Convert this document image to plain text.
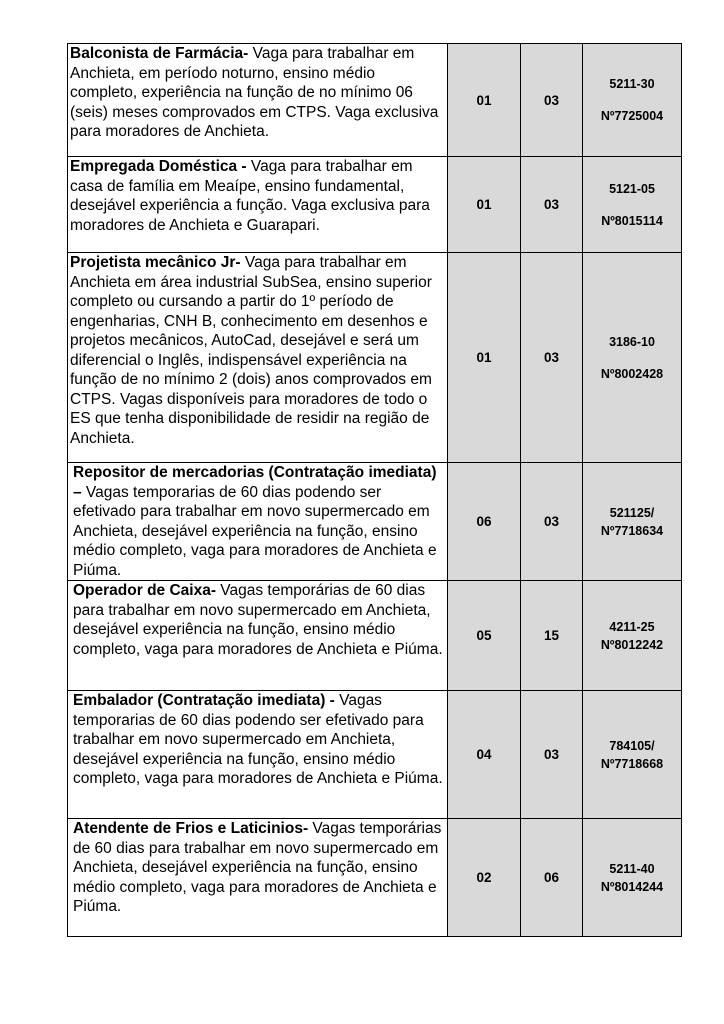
Balconista de Farmácia- Vaga para trabalhar em Anchieta, em período noturno, ensino médio completo, experiência na função de no mínimo 06 (seis) meses comprovados em CTPS. Vaga exclusiva para moradores de Anchieta.	01	03	5211-30
Nº7725004

Empregada Doméstica - Vaga para trabalhar em casa de família em Meaípe, ensino fundamental, desejável experiência a função. Vaga exclusiva para moradores de Anchieta e Guarapari.	01	03	5121-05
Nº8015114

Projetista mecânico Jr- Vaga para trabalhar em Anchieta em área industrial SubSea, ensino superior completo ou cursando a partir do 1º período de engenharias, CNH B, conhecimento em desenhos e projetos mecânicos, AutoCad, desejável e será um diferencial o Inglês, indispensável experiência na função de no mínimo 2 (dois) anos comprovados em CTPS. Vagas disponíveis para moradores de todo o ES que tenha disponibilidade de residir na região de Anchieta.	01	03	3186-10
Nº8002428

Repositor de mercadorias (Contratação imediata) – Vagas temporarias de 60 dias podendo ser efetivado para trabalhar em novo supermercado em Anchieta, desejável experiência na função, ensino médio completo, vaga para moradores de Anchieta e Piúma.	06	03	521125/
Nº7718634

Operador de Caixa- Vagas temporárias de 60 dias para trabalhar em novo supermercado em Anchieta, desejável experiência na função, ensino médio completo, vaga para moradores de Anchieta e Piúma.	05	15	4211-25
Nº8012242

Embalador (Contratação imediata) - Vagas temporarias de 60 dias podendo ser efetivado para trabalhar em novo supermercado em Anchieta, desejável experiência na função, ensino médio completo, vaga para moradores de Anchieta e Piúma.	04	03	784105/
Nº7718668

Atendente de Frios e Laticinios- Vagas temporárias de 60 dias para trabalhar em novo supermercado em Anchieta, desejável experiência na função, ensino médio completo, vaga para moradores de Anchieta e Piúma.	02	06	5211-40
Nº8014244
